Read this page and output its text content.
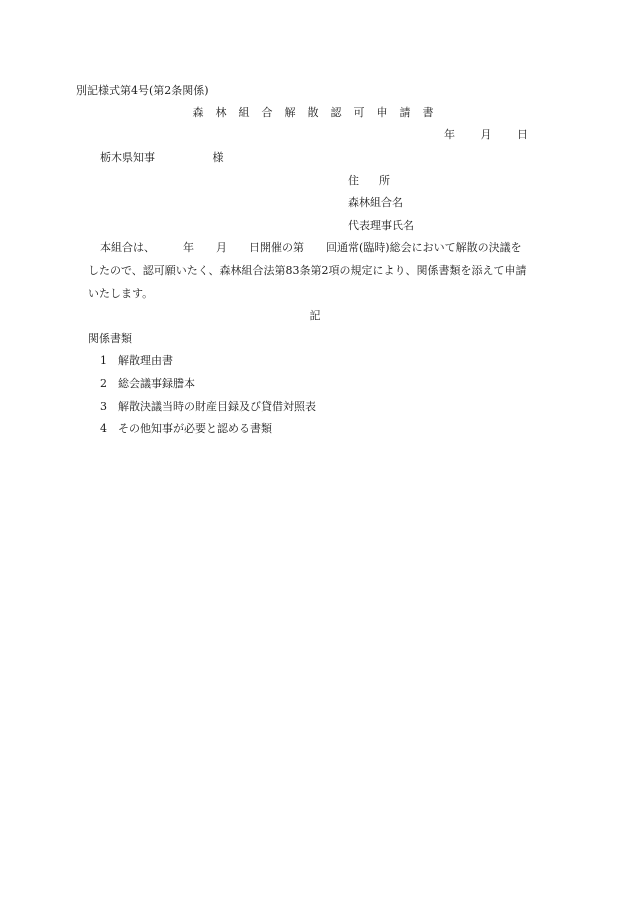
別記様式第4号(第2条関係)
森 林 組 合 解 散 認 可 申 請 書
年 月 日
栃木県知事	様
住 所
森林組合名
代表理事氏名
本組合は、	年 月 日開催の第 回通常(臨時)総会において解散の決議を
したので、認可願いたく、森林組合法第83条第2項の規定により、関係書類を添えて申請
いたします。
記
関係書類
1 解散理由書
2 総会議事録謄本
3 解散決議当時の財産目録及び貸借対照表
4 その他知事が必要と認める書類
